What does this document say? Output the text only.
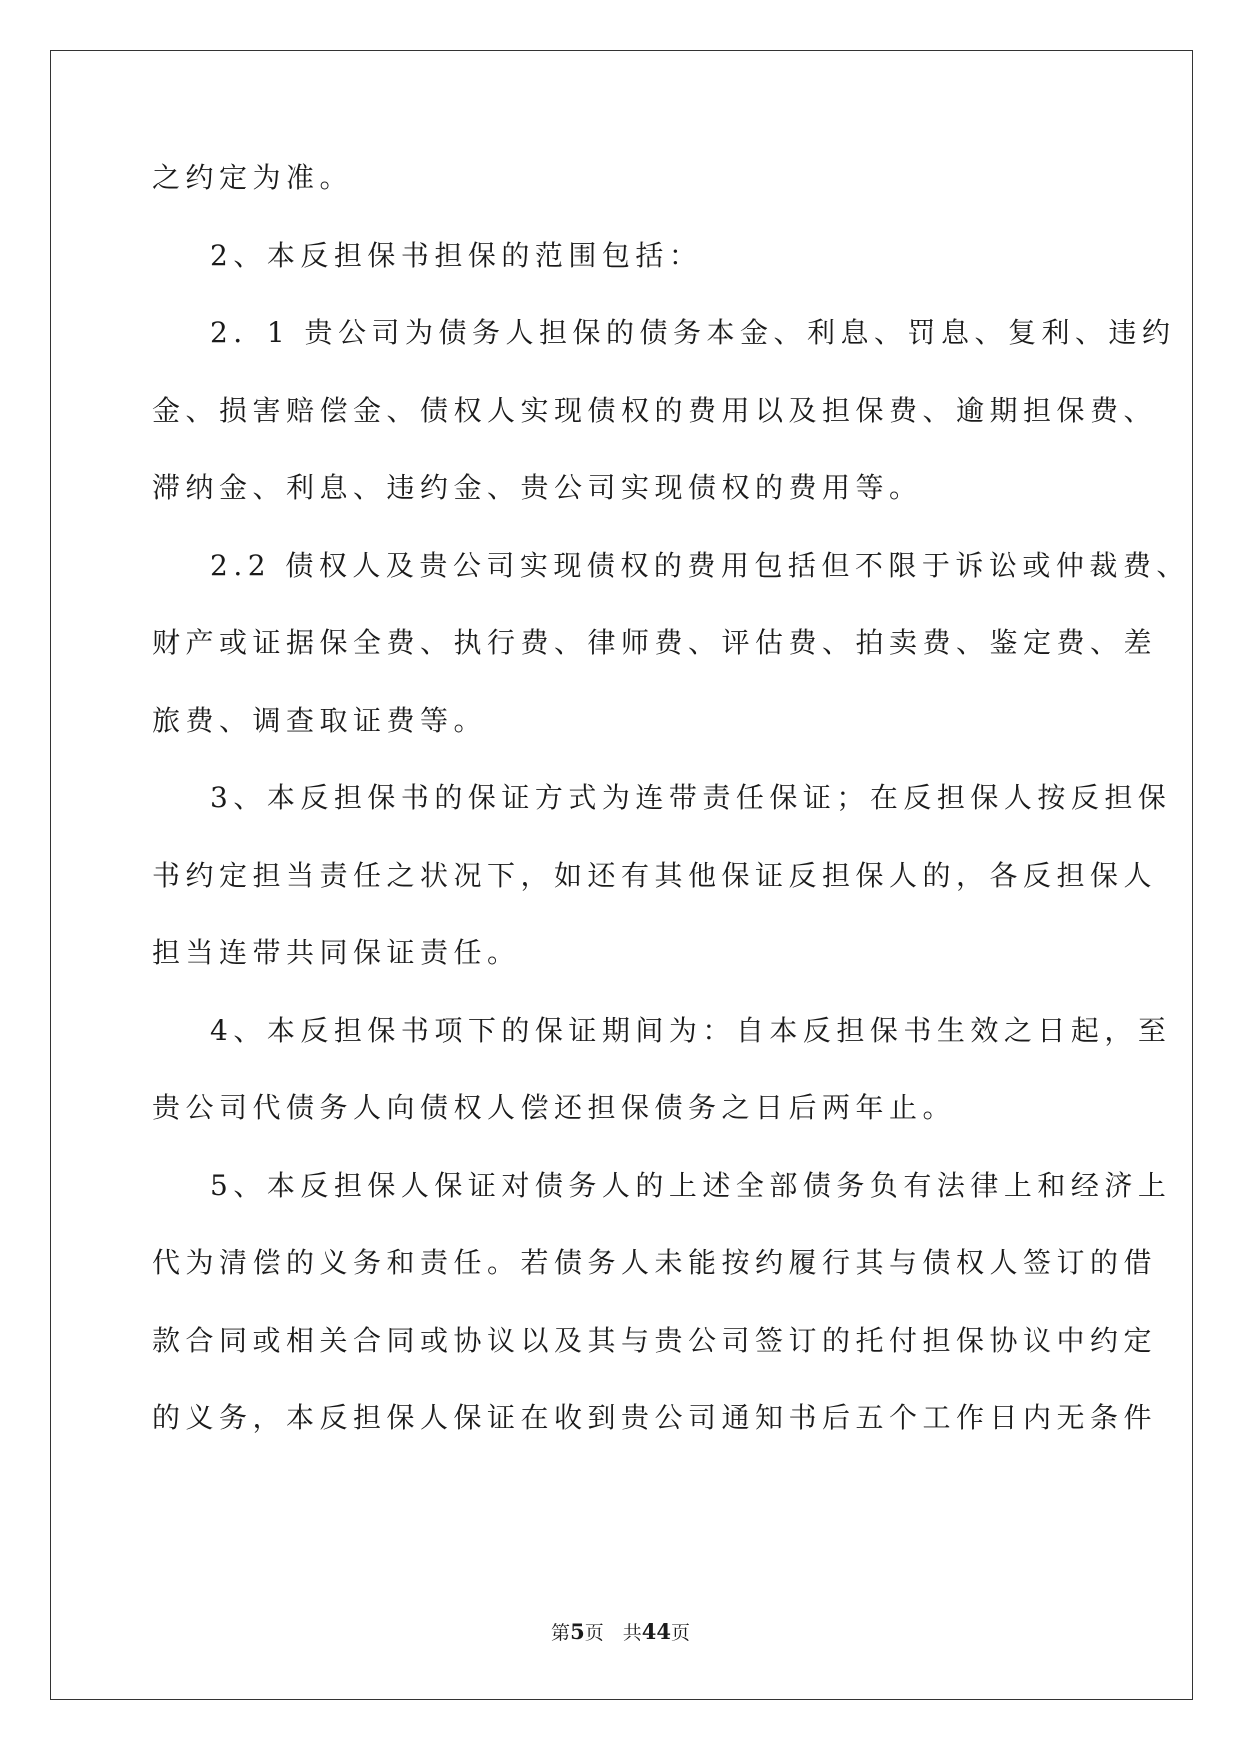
之约定为准。
2、本反担保书担保的范围包括：
2．1 贵公司为债务人担保的债务本金、利息、罚息、复利、违约
金、损害赔偿金、债权人实现债权的费用以及担保费、逾期担保费、
滞纳金、利息、违约金、贵公司实现债权的费用等。
2.2 债权人及贵公司实现债权的费用包括但不限于诉讼或仲裁费、
财产或证据保全费、执行费、律师费、评估费、拍卖费、鉴定费、差
旅费、调查取证费等。
3、本反担保书的保证方式为连带责任保证；在反担保人按反担保
书约定担当责任之状况下，如还有其他保证反担保人的，各反担保人
担当连带共同保证责任。
4、本反担保书项下的保证期间为：自本反担保书生效之日起，至
贵公司代债务人向债权人偿还担保债务之日后两年止。
5、本反担保人保证对债务人的上述全部债务负有法律上和经济上
代为清偿的义务和责任。若债务人未能按约履行其与债权人签订的借
款合同或相关合同或协议以及其与贵公司签订的托付担保协议中约定
的义务，本反担保人保证在收到贵公司通知书后五个工作日内无条件
第5页　共44页
